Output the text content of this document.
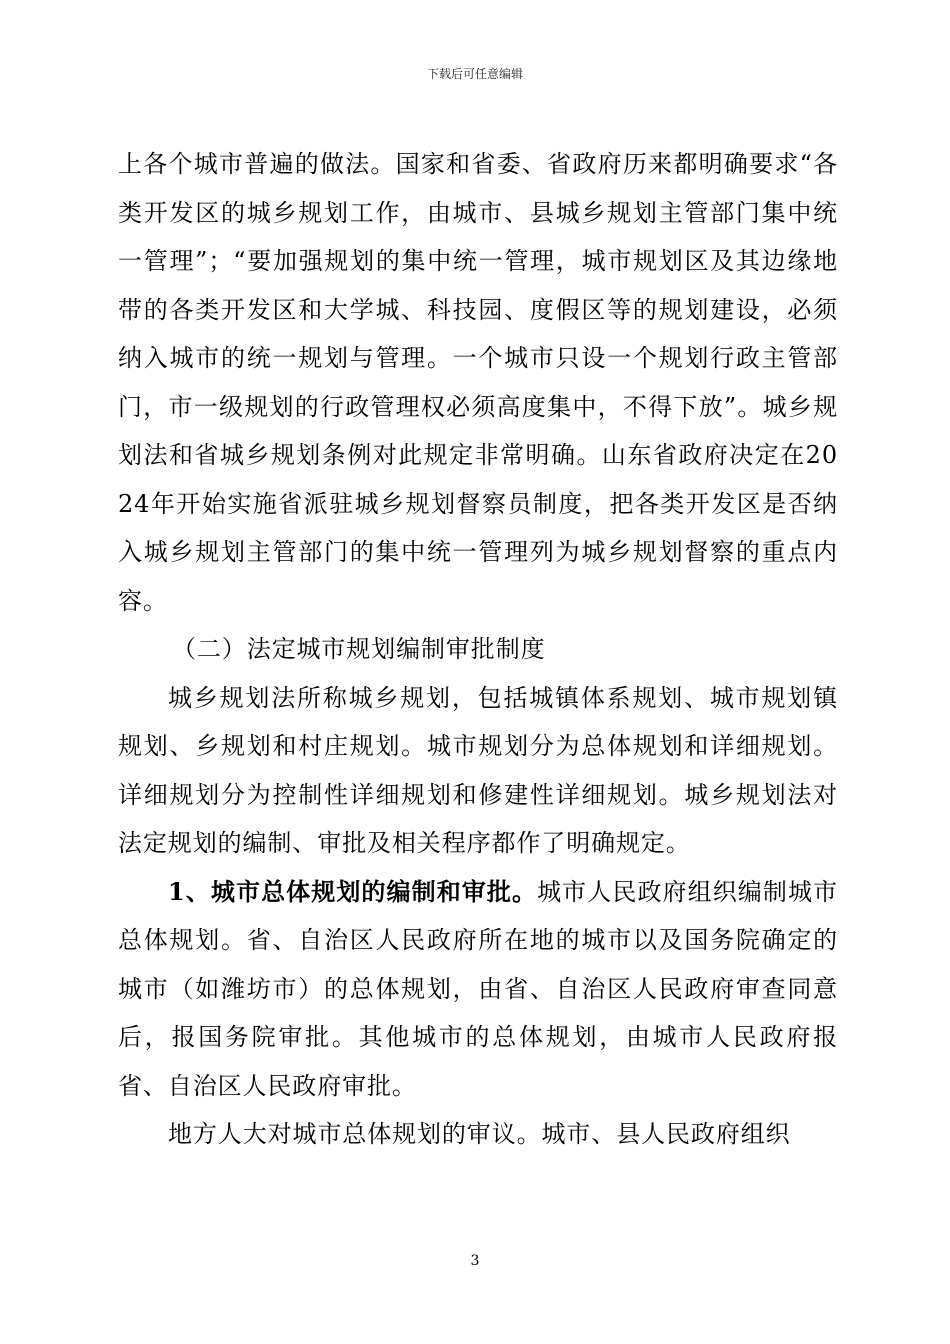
下载后可任意编辑

上各个城市普遍的做法。国家和省委、省政府历来都明确要求“各类开发区的城乡规划工作，由城市、县城乡规划主管部门集中统一管理”；“要加强规划的集中统一管理，城市规划区及其边缘地带的各类开发区和大学城、科技园、度假区等的规划建设，必须纳入城市的统一规划与管理。一个城市只设一个规划行政主管部门，市一级规划的行政管理权必须高度集中，不得下放”。城乡规划法和省城乡规划条例对此规定非常明确。山东省政府决定在2024年开始实施省派驻城乡规划督察员制度，把各类开发区是否纳入城乡规划主管部门的集中统一管理列为城乡规划督察的重点内容。

（二）法定城市规划编制审批制度

城乡规划法所称城乡规划，包括城镇体系规划、城市规划镇规划、乡规划和村庄规划。城市规划分为总体规划和详细规划。详细规划分为控制性详细规划和修建性详细规划。城乡规划法对法定规划的编制、审批及相关程序都作了明确规定。

1、城市总体规划的编制和审批。城市人民政府组织编制城市总体规划。省、自治区人民政府所在地的城市以及国务院确定的城市（如潍坊市）的总体规划，由省、自治区人民政府审查同意后，报国务院审批。其他城市的总体规划，由城市人民政府报省、自治区人民政府审批。

地方人大对城市总体规划的审议。城市、县人民政府组织

3
